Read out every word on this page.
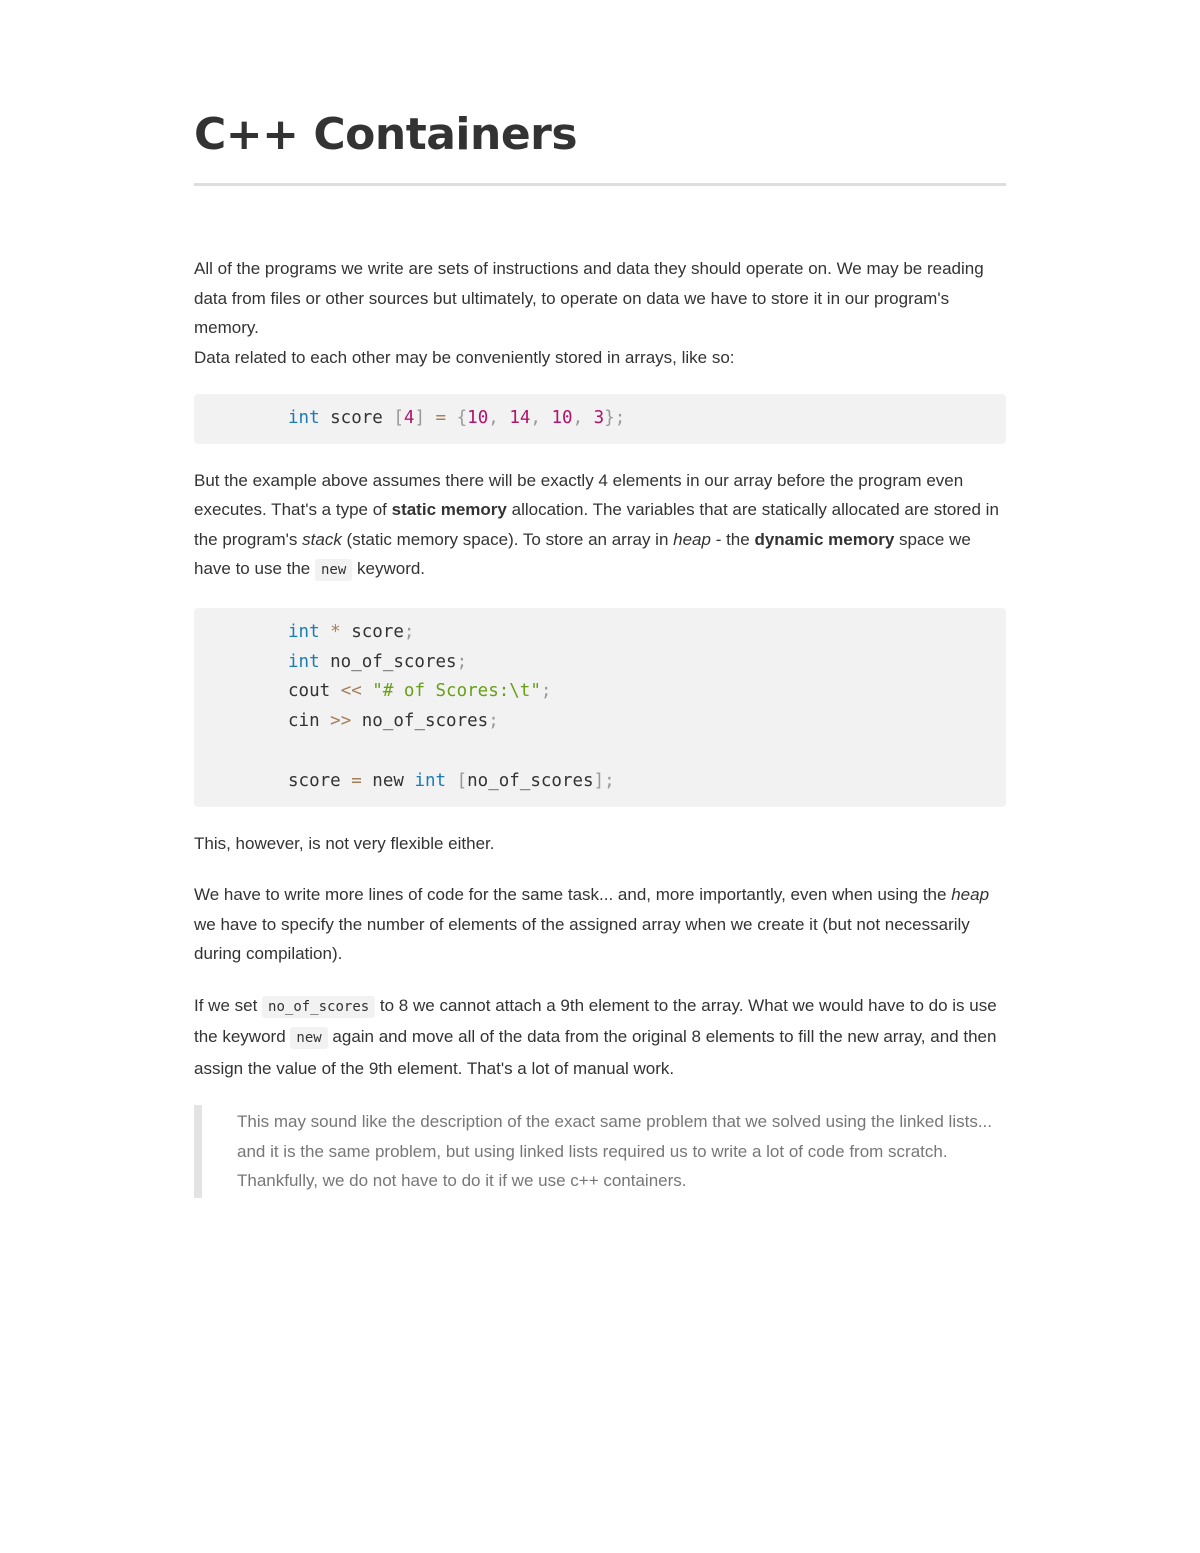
C++ Containers

All of the programs we write are sets of instructions and data they should operate on. We may be reading data from files or other sources but ultimately, to operate on data we have to store it in our program's memory.

Data related to each other may be conveniently stored in arrays, like so:

int score [4] = {10, 14, 10, 3};

But the example above assumes there will be exactly 4 elements in our array before the program even executes. That's a type of static memory allocation. The variables that are statically allocated are stored in the program's stack (static memory space). To store an array in heap - the dynamic memory space we have to use the new keyword.

int * score;
int no_of_scores;
cout << "# of Scores:\t";
cin >> no_of_scores;
score = new int [no_of_scores];

This, however, is not very flexible either.

We have to write more lines of code for the same task... and, more importantly, even when using the heap we have to specify the number of elements of the assigned array when we create it (but not necessarily during compilation).

If we set no_of_scores to 8 we cannot attach a 9th element to the array. What we would have to do is use the keyword new again and move all of the data from the original 8 elements to fill the new array, and then assign the value of the 9th element. That's a lot of manual work.

This may sound like the description of the exact same problem that we solved using the linked lists... and it is the same problem, but using linked lists required us to write a lot of code from scratch. Thankfully, we do not have to do it if we use c++ containers.
